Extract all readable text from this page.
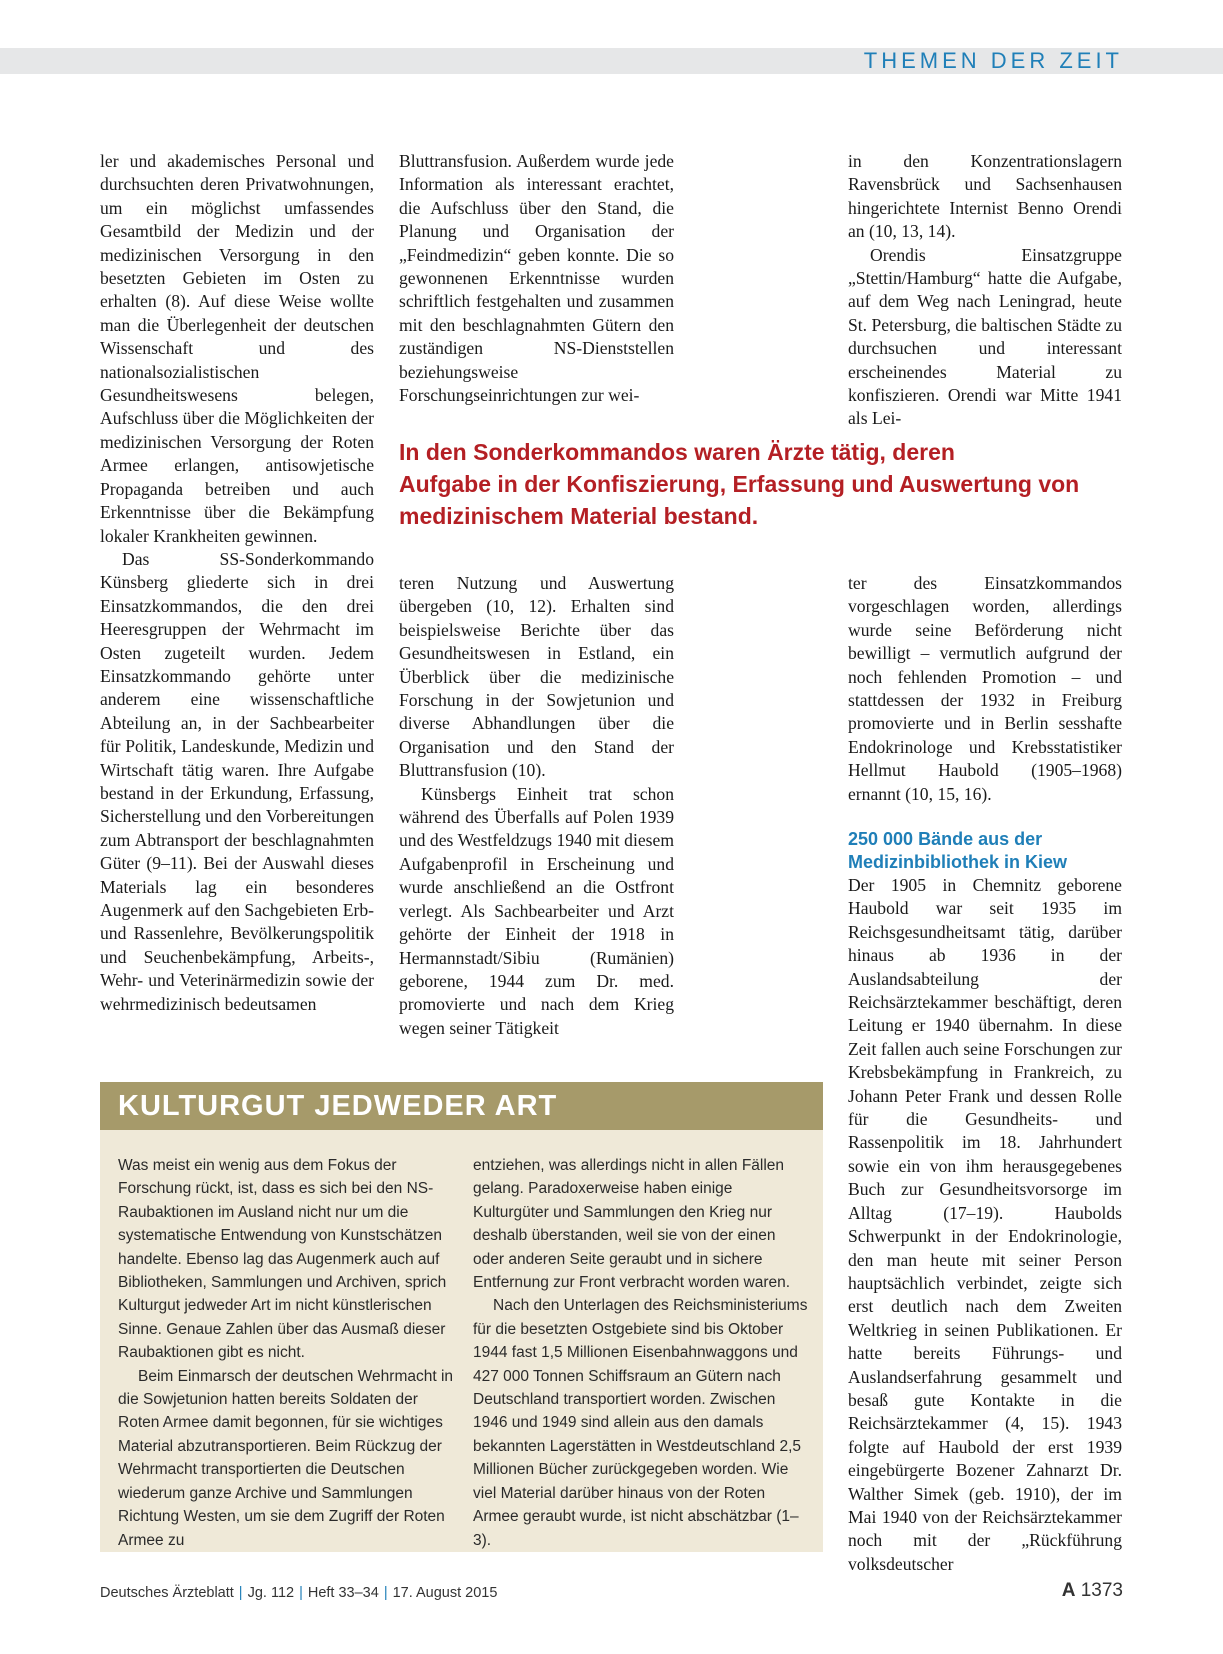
THEMEN DER ZEIT

ler und akademisches Personal und durchsuchten deren Privatwohnungen, um ein möglichst umfassendes Gesamtbild der Medizin und der medizinischen Versorgung in den besetzten Gebieten im Osten zu erhalten (8). Auf diese Weise wollte man die Überlegenheit der deutschen Wissenschaft und des nationalsozialistischen Gesundheitswesens belegen, Aufschluss über die Möglichkeiten der medizinischen Versorgung der Roten Armee erlangen, antisowjetische Propaganda betreiben und auch Erkenntnisse über die Bekämpfung lokaler Krankheiten gewinnen.

Das SS-Sonderkommando Künsberg gliederte sich in drei Einsatzkommandos, die den drei Heeresgruppen der Wehrmacht im Osten zugeteilt wurden. Jedem Einsatzkommando gehörte unter anderem eine wissenschaftliche Abteilung an, in der Sachbearbeiter für Politik, Landeskunde, Medizin und Wirtschaft tätig waren. Ihre Aufgabe bestand in der Erkundung, Erfassung, Sicherstellung und den Vorbereitungen zum Abtransport der beschlagnahmten Güter (9–11). Bei der Auswahl dieses Materials lag ein besonderes Augenmerk auf den Sachgebieten Erb- und Rassenlehre, Bevölkerungspolitik und Seuchenbekämpfung, Arbeits-, Wehr- und Veterinärmedizin sowie der wehrmedizinisch bedeutsamen

Bluttransfusion. Außerdem wurde jede Information als interessant erachtet, die Aufschluss über den Stand, die Planung und Organisation der „Feindmedizin“ geben konnte. Die so gewonnenen Erkenntnisse wurden schriftlich festgehalten und zusammen mit den beschlagnahmten Gütern den zuständigen NS-Dienststellen beziehungsweise Forschungseinrichtungen zur wei-

in den Konzentrationslagern Ravensbrück und Sachsenhausen hingerichtete Internist Benno Orendi an (10, 13, 14).

Orendis Einsatzgruppe „Stettin/Hamburg“ hatte die Aufgabe, auf dem Weg nach Leningrad, heute St. Petersburg, die baltischen Städte zu durchsuchen und interessant erscheinendes Material zu konfiszieren. Orendi war Mitte 1941 als Lei-

In den Sonderkommandos waren Ärzte tätig, deren
Aufgabe in der Konfiszierung, Erfassung und Auswertung von
medizinischem Material bestand.

teren Nutzung und Auswertung übergeben (10, 12). Erhalten sind beispielsweise Berichte über das Gesundheitswesen in Estland, ein Überblick über die medizinische Forschung in der Sowjetunion und diverse Abhandlungen über die Organisation und den Stand der Bluttransfusion (10).

Künsbergs Einheit trat schon während des Überfalls auf Polen 1939 und des Westfeldzugs 1940 mit diesem Aufgabenprofil in Erscheinung und wurde anschließend an die Ostfront verlegt. Als Sachbearbeiter und Arzt gehörte der Einheit der 1918 in Hermannstadt/Sibiu (Rumänien) geborene, 1944 zum Dr. med. promovierte und nach dem Krieg wegen seiner Tätigkeit

ter des Einsatzkommandos vorgeschlagen worden, allerdings wurde seine Beförderung nicht bewilligt – vermutlich aufgrund der noch fehlenden Promotion – und stattdessen der 1932 in Freiburg promovierte und in Berlin sesshafte Endokrinologe und Krebsstatistiker Hellmut Haubold (1905–1968) ernannt (10, 15, 16).

250 000 Bände aus der
Medizinbibliothek in Kiew

Der 1905 in Chemnitz geborene Haubold war seit 1935 im Reichsgesundheitsamt tätig, darüber hinaus ab 1936 in der Auslandsabteilung der Reichsärztekammer beschäftigt, deren Leitung er 1940 übernahm. In diese Zeit fallen auch seine Forschungen zur Krebsbekämpfung in Frankreich, zu Johann Peter Frank und dessen Rolle für die Gesundheits- und Rassenpolitik im 18. Jahrhundert sowie ein von ihm herausgegebenes Buch zur Gesundheitsvorsorge im Alltag (17–19). Haubolds Schwerpunkt in der Endokrinologie, den man heute mit seiner Person hauptsächlich verbindet, zeigte sich erst deutlich nach dem Zweiten Weltkrieg in seinen Publikationen. Er hatte bereits Führungs- und Auslandserfahrung gesammelt und besaß gute Kontakte in die Reichsärztekammer (4, 15). 1943 folgte auf Haubold der erst 1939 eingebürgerte Bozener Zahnarzt Dr. Walther Simek (geb. 1910), der im Mai 1940 von der Reichsärztekammer noch mit der „Rückführung volksdeutscher

KULTURGUT JEDWEDER ART

Was meist ein wenig aus dem Fokus der Forschung rückt, ist, dass es sich bei den NS-Raubaktionen im Ausland nicht nur um die systematische Entwendung von Kunstschätzen handelte. Ebenso lag das Augenmerk auch auf Bibliotheken, Sammlungen und Archiven, sprich Kulturgut jedweder Art im nicht künstlerischen Sinne. Genaue Zahlen über das Ausmaß dieser Raubaktionen gibt es nicht.

Beim Einmarsch der deutschen Wehrmacht in die Sowjetunion hatten bereits Soldaten der Roten Armee damit begonnen, für sie wichtiges Material abzutransportieren. Beim Rückzug der Wehrmacht transportierten die Deutschen wiederum ganze Archive und Sammlungen Richtung Westen, um sie dem Zugriff der Roten Armee zu

entziehen, was allerdings nicht in allen Fällen gelang. Paradoxerweise haben einige Kulturgüter und Sammlungen den Krieg nur deshalb überstanden, weil sie von der einen oder anderen Seite geraubt und in sichere Entfernung zur Front verbracht worden waren.

Nach den Unterlagen des Reichsministeriums für die besetzten Ostgebiete sind bis Oktober 1944 fast 1,5 Millionen Eisenbahnwaggons und 427 000 Tonnen Schiffsraum an Gütern nach Deutschland transportiert worden. Zwischen 1946 und 1949 sind allein aus den damals bekannten Lagerstätten in Westdeutschland 2,5 Millionen Bücher zurückgegeben worden. Wie viel Material darüber hinaus von der Roten Armee geraubt wurde, ist nicht abschätzbar (1–3).

Deutsches Ärzteblatt | Jg. 112 | Heft 33–34 | 17. August 2015	A 1373
